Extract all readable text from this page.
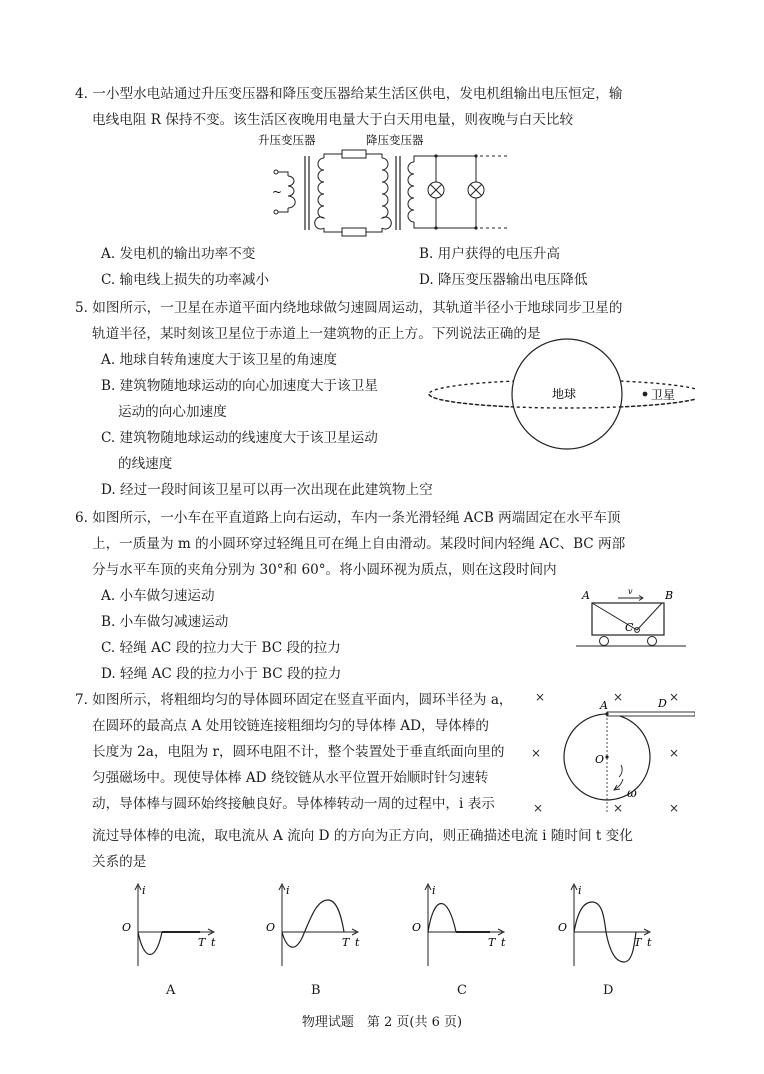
4. 一小型水电站通过升压变压器和降压变压器给某生活区供电，发电机组输出电压恒定，输
电线电阻 R 保持不变。该生活区夜晚用电量大于白天用电量，则夜晚与白天比较
升压变压器	降压变压器
~
A. 发电机的输出功率不变	B. 用户获得的电压升高
C. 输电线上损失的功率减小	D. 降压变压器输出电压降低
5. 如图所示，一卫星在赤道平面内绕地球做匀速圆周运动，其轨道半径小于地球同步卫星的
轨道半径，某时刻该卫星位于赤道上一建筑物的正上方。下列说法正确的是
A. 地球自转角速度大于该卫星的角速度
B. 建筑物随地球运动的向心加速度大于该卫星
运动的向心加速度
C. 建筑物随地球运动的线速度大于该卫星运动
的线速度
D. 经过一段时间该卫星可以再一次出现在此建筑物上空
地球	卫星
6. 如图所示，一小车在平直道路上向右运动，车内一条光滑轻绳 ACB 两端固定在水平车顶
上，一质量为 m 的小圆环穿过轻绳且可在绳上自由滑动。某段时间内轻绳 AC、BC 两部
分与水平车顶的夹角分别为 30°和 60°。将小圆环视为质点，则在这段时间内
A. 小车做匀速运动
B. 小车做匀减速运动
C. 轻绳 AC 段的拉力大于 BC 段的拉力
D. 轻绳 AC 段的拉力小于 BC 段的拉力
A	B
v
C
7. 如图所示，将粗细均匀的导体圆环固定在竖直平面内，圆环半径为 a，
在圆环的最高点 A 处用铰链连接粗细均匀的导体棒 AD，导体棒的
长度为 2a，电阻为 r，圆环电阻不计，整个装置处于垂直纸面向里的
匀强磁场中。现使导体棒 AD 绕铰链从水平位置开始顺时针匀速转
动，导体棒与圆环始终接触良好。导体棒转动一周的过程中，i 表示
流过导体棒的电流，取电流从 A 流向 D 的方向为正方向，则正确描述电流 i 随时间 t 变化
关系的是
×	×	×
×	×
×	×	×
O
A	D
ω
i
O
T t
i
O
T t
i
O
T t
i
O
T t
A	B	C	D
物理试题　第 2 页(共 6 页)
